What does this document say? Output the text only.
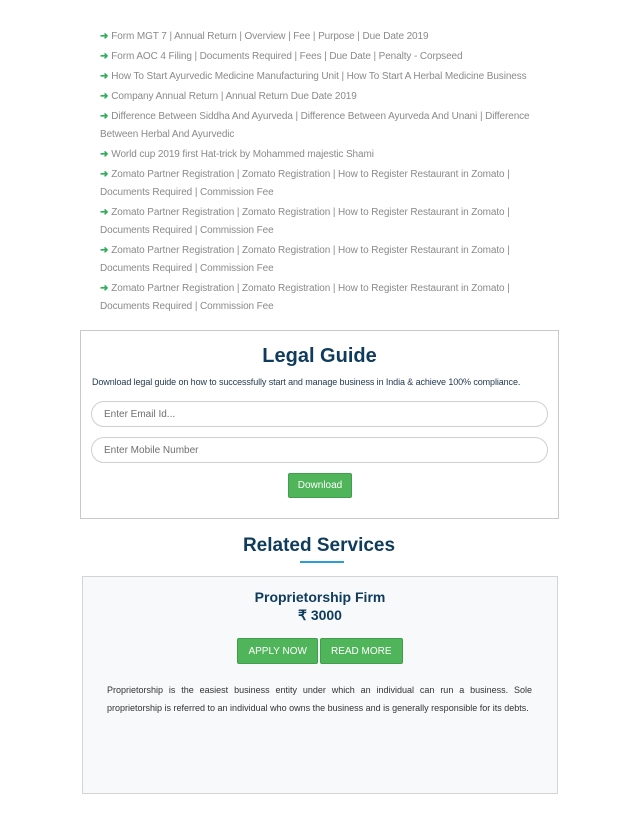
➜ Form MGT 7 | Annual Return | Overview | Fee | Purpose | Due Date 2019
➜ Form AOC 4 Filing | Documents Required | Fees | Due Date | Penalty - Corpseed
➜ How To Start Ayurvedic Medicine Manufacturing Unit | How To Start A Herbal Medicine Business
➜ Company Annual Return | Annual Return Due Date 2019
➜ Difference Between Siddha And Ayurveda | Difference Between Ayurveda And Unani | Difference Between Herbal And Ayurvedic
➜ World cup 2019 first Hat-trick by Mohammed majestic Shami
➜ Zomato Partner Registration | Zomato Registration | How to Register Restaurant in Zomato | Documents Required | Commission Fee
➜ Zomato Partner Registration | Zomato Registration | How to Register Restaurant in Zomato | Documents Required | Commission Fee
➜ Zomato Partner Registration | Zomato Registration | How to Register Restaurant in Zomato | Documents Required | Commission Fee
➜ Zomato Partner Registration | Zomato Registration | How to Register Restaurant in Zomato | Documents Required | Commission Fee
Legal Guide
Download legal guide on how to successfully start and manage business in India & achieve 100% compliance.
Enter Email Id...
Enter Mobile Number
Download
Related Services
Proprietorship Firm
₹ 3000
APPLY NOW READ MORE
Proprietorship is the easiest business entity under which an individual can run a business. Sole proprietorship is referred to an individual who owns the business and is generally responsible for its debts.
